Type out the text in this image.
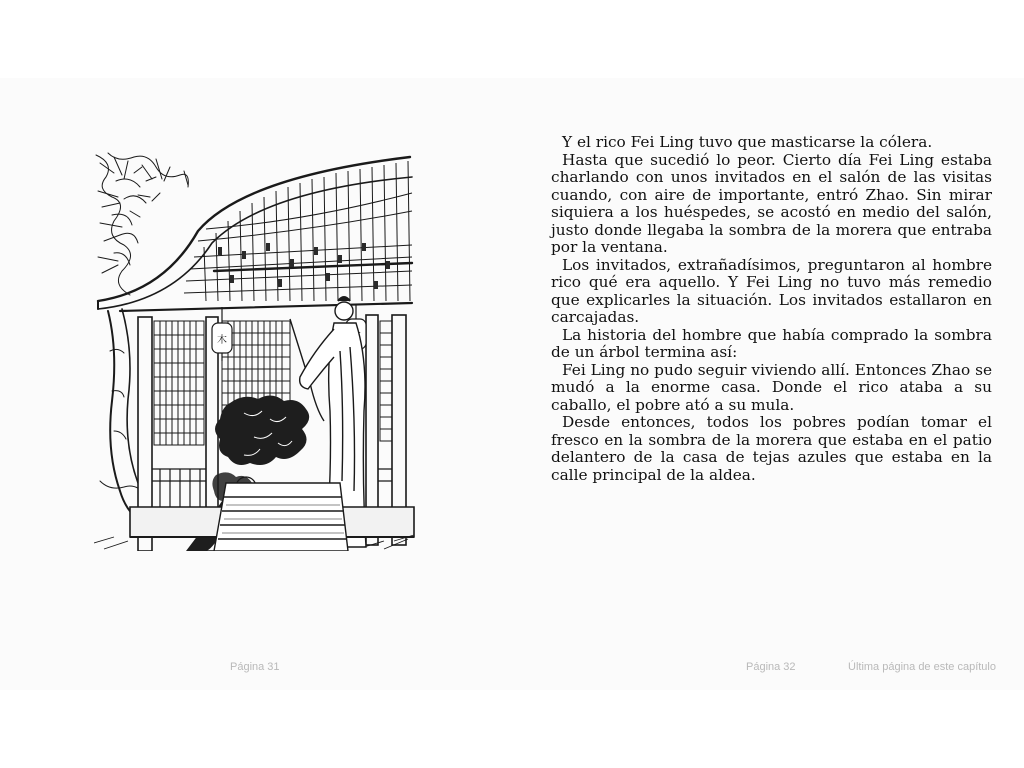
⽊
Página 31

Y el rico Fei Ling tuvo que masticarse la cólera.

Hasta que sucedió lo peor. Cierto día Fei Ling estaba charlando con unos invitados en el salón de las visitas cuando, con aire de importante, entró Zhao. Sin mirar siquiera a los huéspedes, se acostó en medio del salón, justo donde llegaba la sombra de la morera que entraba por la ventana.

Los invitados, extrañadísimos, preguntaron al hombre rico qué era aquello. Y Fei Ling no tuvo más remedio que explicarles la situación. Los invitados estallaron en carcajadas.

La historia del hombre que había comprado la sombra de un árbol termina así:

Fei Ling no pudo seguir viviendo allí. Entonces Zhao se mudó a la enorme casa. Donde el rico ataba a su caballo, el pobre ató a su mula.

Desde entonces, todos los pobres podían tomar el fresco en la sombra de la morera que estaba en el patio delantero de la casa de tejas azules que estaba en la calle principal de la aldea.

Página 32	Última página de este capítulo
